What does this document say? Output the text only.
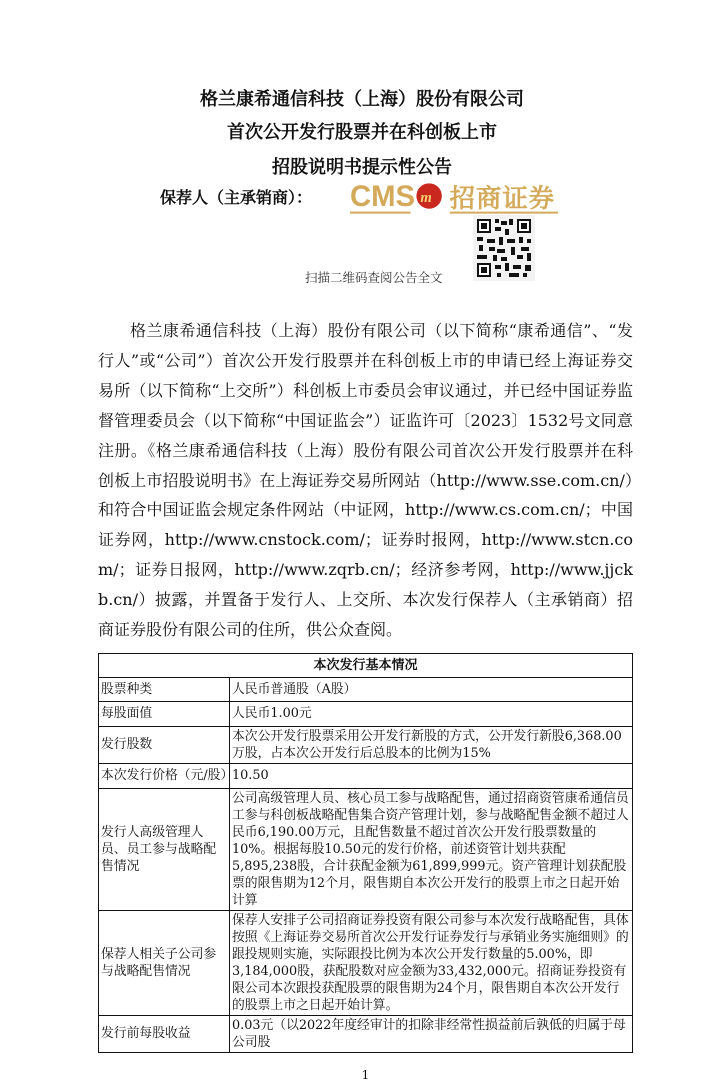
格兰康希通信科技（上海）股份有限公司
首次公开发行股票并在科创板上市
招股说明书提示性公告
保荐人（主承销商）： CMS m 招商证券
扫描二维码查阅公告全文
格兰康希通信科技（上海）股份有限公司（以下简称“康希通信”、“发行人”或“公司”）首次公开发行股票并在科创板上市的申请已经上海证券交易所（以下简称“上交所”）科创板上市委员会审议通过，并已经中国证券监督管理委员会（以下简称“中国证监会”）证监许可〔2023〕1532号文同意注册。《格兰康希通信科技（上海）股份有限公司首次公开发行股票并在科创板上市招股说明书》在上海证券交易所网站（http://www.sse.com.cn/）和符合中国证监会规定条件网站（中证网，http://www.cs.com.cn/；中国证券网，http://www.cnstock.com/；证券时报网，http://www.stcn.com/；证券日报网，http://www.zqrb.cn/；经济参考网，http://www.jjckb.cn/）披露，并置备于发行人、上交所、本次发行保荐人（主承销商）招商证券股份有限公司的住所，供公众查阅。
本次发行基本情况	
股票种类	人民币普通股（A股）
每股面值	人民币1.00元
发行股数	本次公开发行股票采用公开发行新股的方式，公开发行新股6,368.00万股，占本次公开发行后总股本的比例为15%
本次发行价格（元/股）	10.50
发行人高级管理人员、员工参与战略配售情况	公司高级管理人员、核心员工参与战略配售，通过招商资管康希通信员工参与科创板战略配售集合资产管理计划，参与战略配售金额不超过人民币6,190.00万元，且配售数量不超过首次公开发行股票数量的10%。根据每股10.50元的发行价格，前述资管计划共获配5,895,238股，合计获配金额为61,899,999元。资产管理计划获配股票的限售期为12个月，限售期自本次公开发行的股票上市之日起开始计算
保荐人相关子公司参与战略配售情况	保荐人安排子公司招商证券投资有限公司参与本次发行战略配售，具体按照《上海证券交易所首次公开发行证券发行与承销业务实施细则》的跟投规则实施，实际跟投比例为本次公开发行数量的5.00%，即3,184,000股，获配股数对应金额为33,432,000元。招商证券投资有限公司本次跟投获配股票的限售期为24个月，限售期自本次公开发行的股票上市之日起开始计算。
发行前每股收益	0.03元（以2022年度经审计的扣除非经常性损益前后孰低的归属于母公司股
1
